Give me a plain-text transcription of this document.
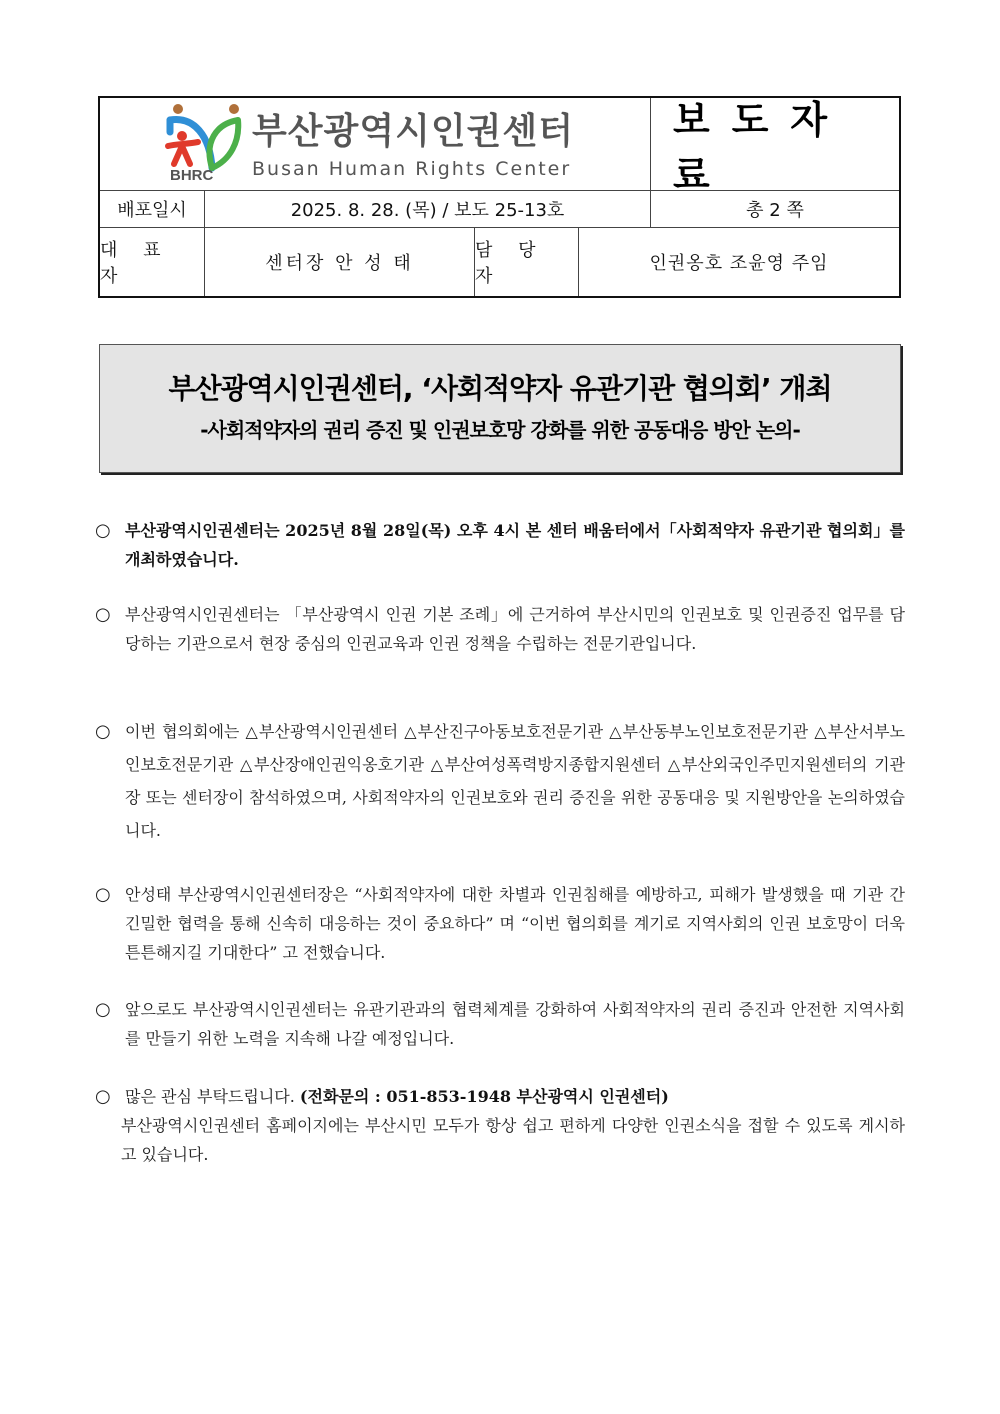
BHRC
부산광역시인권센터
Busan Human Rights Center
보도자료
배포일시	2025. 8. 28. (목) / 보도 25-13호	총 2 쪽
대 표 자
센터장 안 성 태
담 당 자
인권옹호 조윤영 주임
부산광역시인권센터, ‘사회적약자 유관기관 협의회’ 개최
-사회적약자의 권리 증진 및 인권보호망 강화를 위한 공동대응 방안 논의-
○ 부산광역시인권센터는 2025년 8월 28일(목) 오후 4시 본 센터 배움터에서「사회적약자 유관기관 협의회」를 개최하였습니다.
○ 부산광역시인권센터는 「부산광역시 인권 기본 조례」에 근거하여 부산시민의 인권보호 및 인권증진 업무를 담당하는 기관으로서 현장 중심의 인권교육과 인권 정책을 수립하는 전문기관입니다.
○ 이번 협의회에는 △부산광역시인권센터 △부산진구아동보호전문기관 △부산동부노인보호전문기관 △부산서부노인보호전문기관 △부산장애인권익옹호기관 △부산여성폭력방지종합지원센터 △부산외국인주민지원센터의 기관장 또는 센터장이 참석하였으며, 사회적약자의 인권보호와 권리 증진을 위한 공동대응 및 지원방안을 논의하였습니다.
○ 안성태 부산광역시인권센터장은 “사회적약자에 대한 차별과 인권침해를 예방하고, 피해가 발생했을 때 기관 간 긴밀한 협력을 통해 신속히 대응하는 것이 중요하다” 며 “이번 협의회를 계기로 지역사회의 인권 보호망이 더욱 튼튼해지길 기대한다” 고 전했습니다.
○ 앞으로도 부산광역시인권센터는 유관기관과의 협력체계를 강화하여 사회적약자의 권리 증진과 안전한 지역사회를 만들기 위한 노력을 지속해 나갈 예정입니다.
○ 많은 관심 부탁드립니다. (전화문의 : 051-853-1948 부산광역시 인권센터)
부산광역시인권센터 홈페이지에는 부산시민 모두가 항상 쉽고 편하게 다양한 인권소식을 접할 수 있도록 게시하고 있습니다.
